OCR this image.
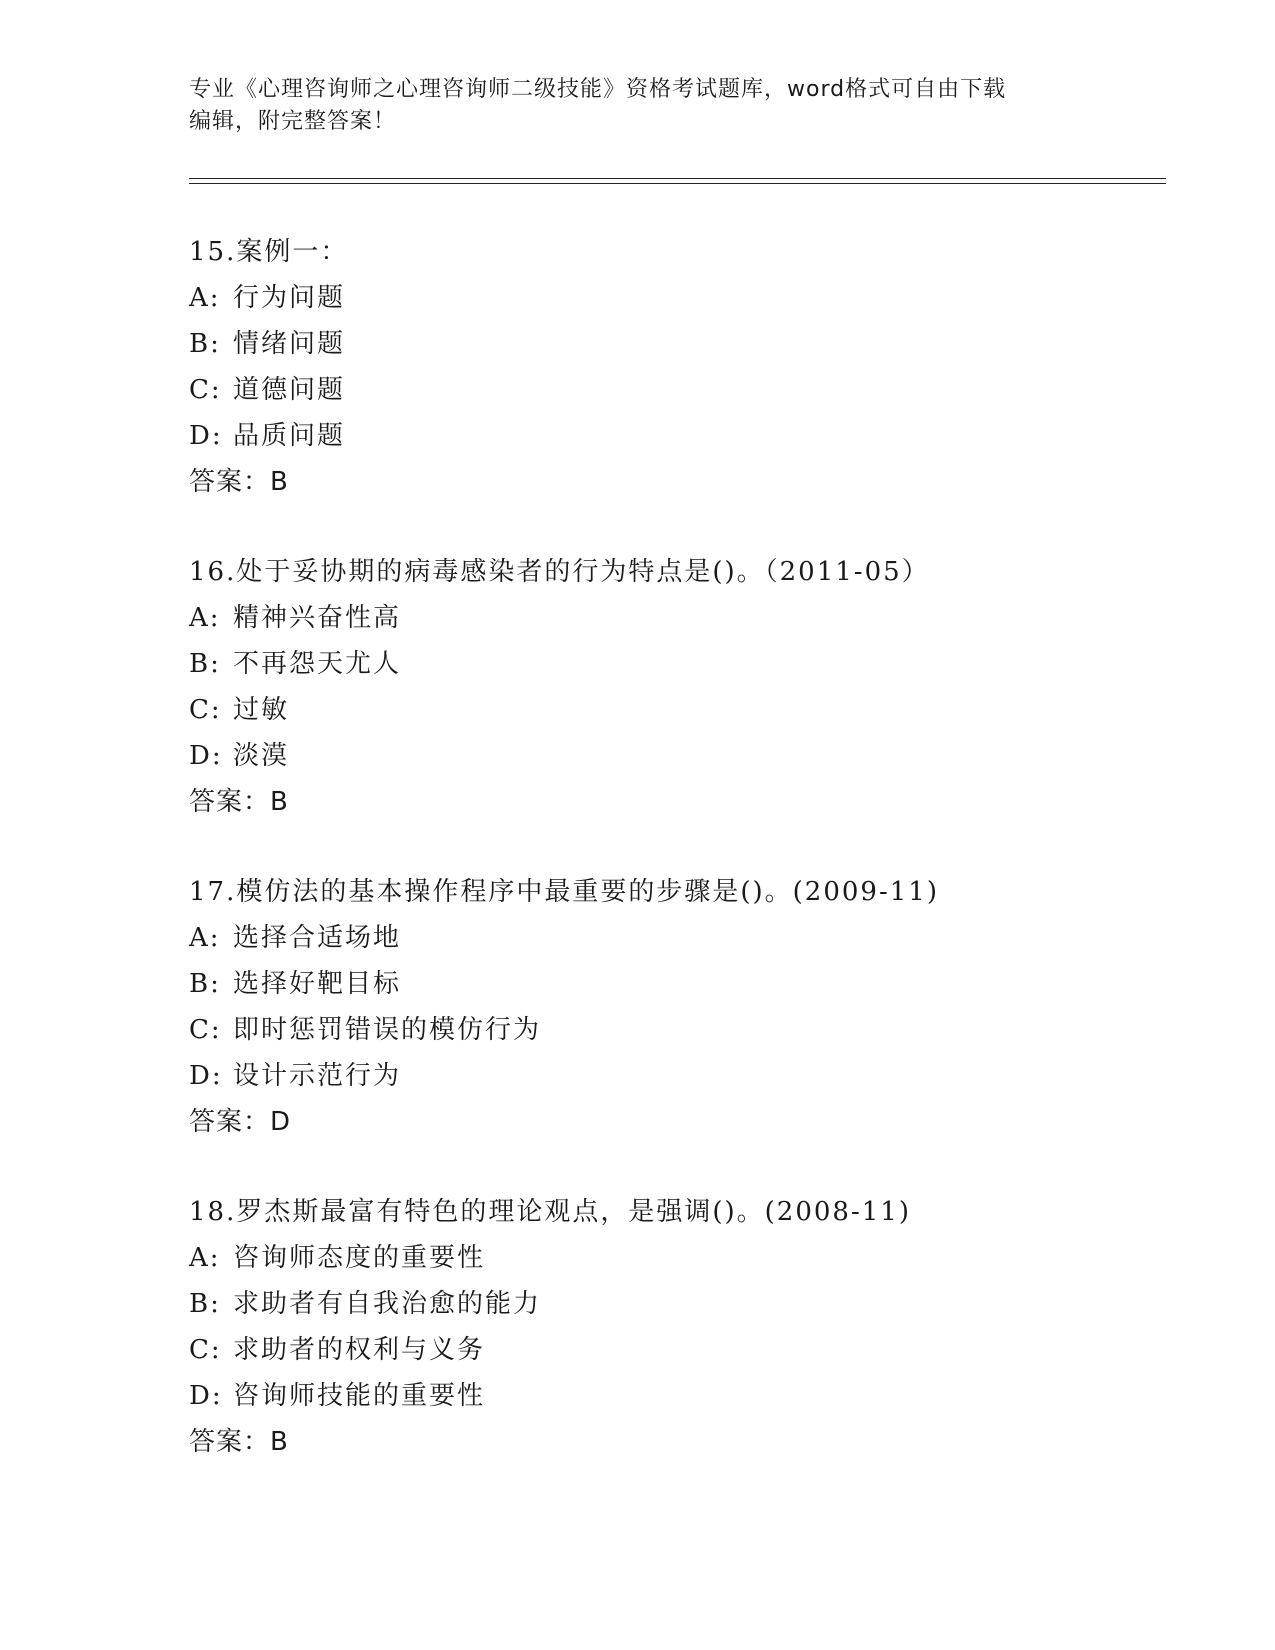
专业《心理咨询师之心理咨询师二级技能》资格考试题库，word格式可自由下载
编辑，附完整答案！
15.案例一：
A: 行为问题
B: 情绪问题
C: 道德问题
D: 品质问题
答案：B
16.处于妥协期的病毒感染者的行为特点是()。（2011-05）
A: 精神兴奋性高
B: 不再怨天尤人
C: 过敏
D: 淡漠
答案：B
17.模仿法的基本操作程序中最重要的步骤是()。(2009-11)
A: 选择合适场地
B: 选择好靶目标
C: 即时惩罚错误的模仿行为
D: 设计示范行为
答案：D
18.罗杰斯最富有特色的理论观点，是强调()。(2008-11)
A: 咨询师态度的重要性
B: 求助者有自我治愈的能力
C: 求助者的权利与义务
D: 咨询师技能的重要性
答案：B
